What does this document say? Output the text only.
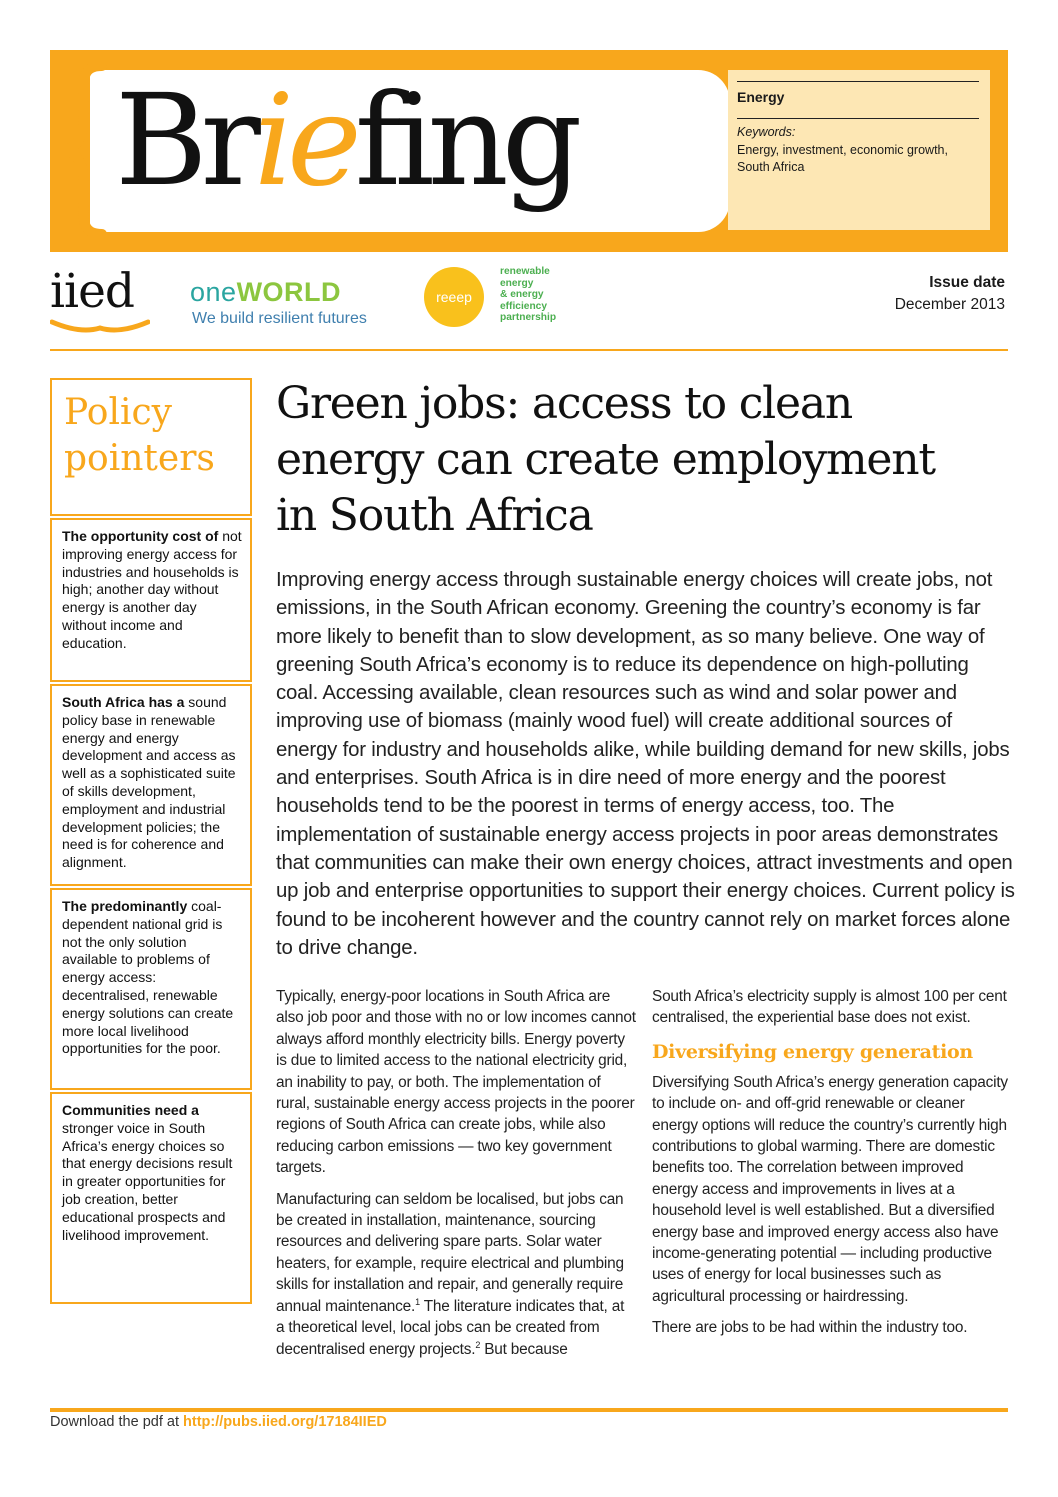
Briefing	Energy
Keywords:
Energy, investment, economic growth, South Africa
iied	oneWORLD
We build resilient futures
reeep
renewable
energy
& energy
efficiency
partnership
Issue date
December 2013
Policy
pointers
The opportunity cost of not improving energy access for industries and households is high; another day without energy is another day without income and education.
South Africa has a sound policy base in renewable energy and energy development and access as well as a sophisticated suite of skills development, employment and industrial development policies; the need is for coherence and alignment.
The predominantly coal-dependent national grid is not the only solution available to problems of energy access: decentralised, renewable energy solutions can create more local livelihood opportunities for the poor.
Communities need a stronger voice in South Africa’s energy choices so that energy decisions result in greater opportunities for job creation, better educational prospects and livelihood improvement.
Green jobs: access to clean
energy can create employment
in South Africa

Improving energy access through sustainable energy choices will create jobs, not emissions, in the South African economy. Greening the country’s economy is far more likely to benefit than to slow development, as so many believe. One way of greening South Africa’s economy is to reduce its dependence on high-polluting coal. Accessing available, clean resources such as wind and solar power and improving use of biomass (mainly wood fuel) will create additional sources of energy for industry and households alike, while building demand for new skills, jobs and enterprises. South Africa is in dire need of more energy and the poorest households tend to be the poorest in terms of energy access, too. The implementation of sustainable energy access projects in poor areas demonstrates that communities can make their own energy choices, attract investments and open up job and enterprise opportunities to support their energy choices. Current policy is found to be incoherent however and the country cannot rely on market forces alone to drive change.

Typically, energy-poor locations in South Africa are also job poor and those with no or low incomes cannot always afford monthly electricity bills. Energy poverty is due to limited access to the national electricity grid, an inability to pay, or both. The implementation of rural, sustainable energy access projects in the poorer regions of South Africa can create jobs, while also reducing carbon emissions — two key government targets.

Manufacturing can seldom be localised, but jobs can be created in installation, maintenance, sourcing resources and delivering spare parts. Solar water heaters, for example, require electrical and plumbing skills for installation and repair, and generally require annual maintenance.$^1$ The literature indicates that, at a theoretical level, local jobs can be created from decentralised energy projects.$^2$ But because

South Africa’s electricity supply is almost 100 per cent centralised, the experiential base does not exist.

Diversifying energy generation

Diversifying South Africa’s energy generation capacity to include on- and off-grid renewable or cleaner energy options will reduce the country’s currently high contributions to global warming. There are domestic benefits too. The correlation between improved energy access and improvements in lives at a household level is well established. But a diversified energy base and improved energy access also have income-generating potential — including productive uses of energy for local businesses such as agricultural processing or hairdressing.

There are jobs to be had within the industry too.

Download the pdf at http://pubs.iied.org/17184IIED
